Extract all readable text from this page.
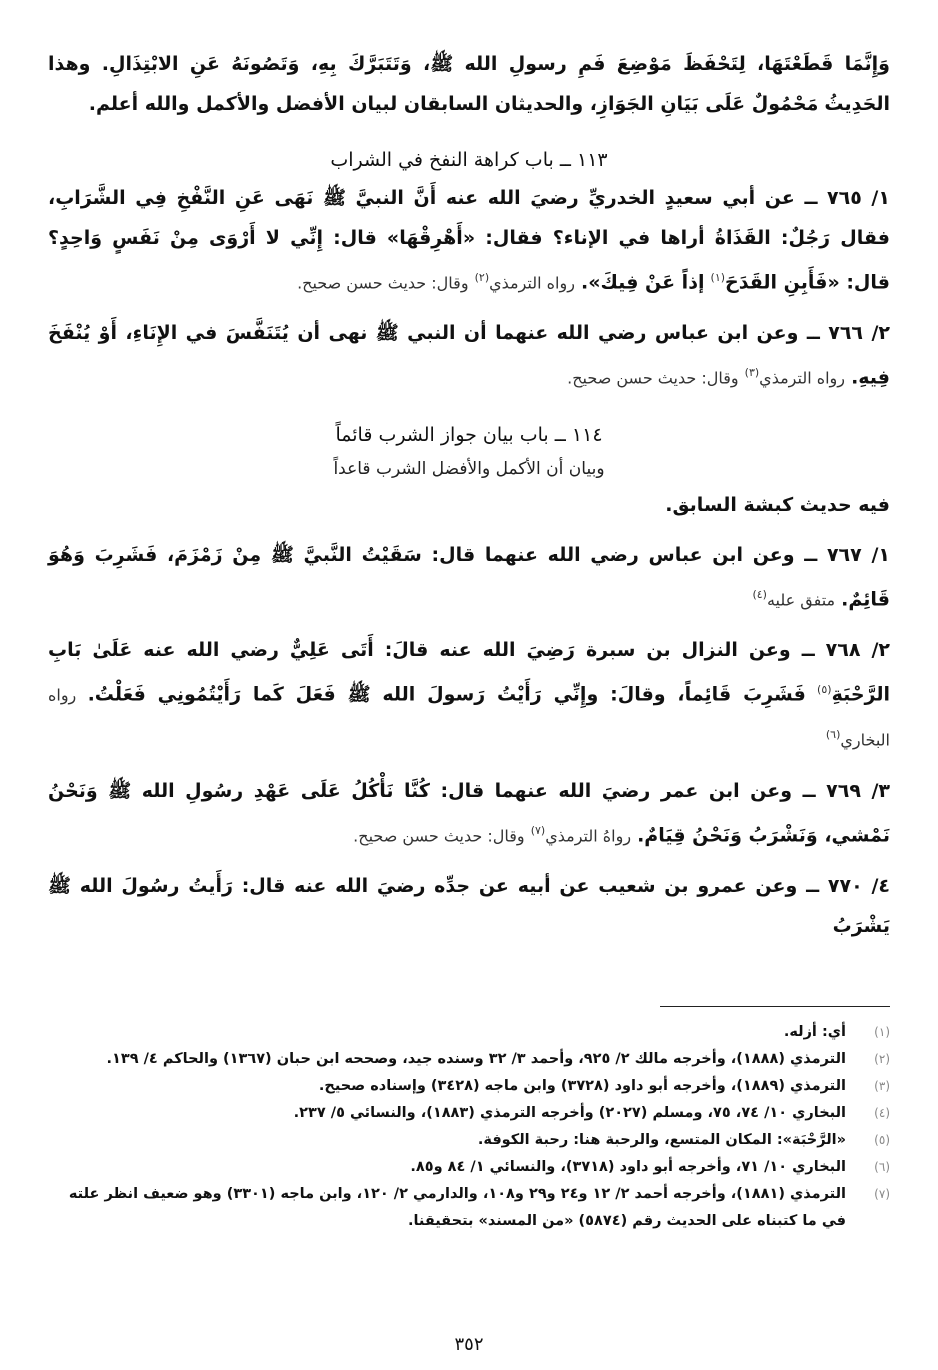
وَإِنَّمَا قَطَعْتَهَا، لِتَحْفَظَ مَوْضِعَ فَمِ رسولِ الله ﷺ، وَتَتَبَرَّكَ بِهِ، وَتَصُونَهُ عَنِ الابْتِذَالِ. وهذا الحَدِيثُ مَحْمُولٌ عَلَى بَيَانِ الجَوَازِ، والحديثان السابقان لبيان الأفضل والأكمل والله أعلم.

١١٣ ــ باب كراهة النفخ في الشراب

١/ ٧٦٥ ــ عن أبي سعيدٍ الخدريِّ رضيَ الله عنه أَنَّ النبيَّ ﷺ نَهَى عَنِ النَّفْخِ فِي الشَّرَابِ، فقال رَجُلٌ: القَذَاةُ أراها في الإناء؟ فقال: «أَهْرِقْهَا» قال: إِنِّي لا أَرْوَى مِنْ نَفَسٍ وَاحِدٍ؟ قال: «فَأَبِنِ القَدَحَ$^{(١)}$ إذاً عَنْ فِيكَ». رواه الترمذي$^{(٢)}$ وقال: حديث حسن صحيح.

٢/ ٧٦٦ ــ وعن ابن عباس رضي الله عنهما أن النبي ﷺ نهى أن يُتَنَفَّسَ في الإِنَاءِ، أَوْ يُنْفَخَ فِيهِ. رواه الترمذي$^{(٣)}$ وقال: حديث حسن صحيح.

١١٤ ــ باب بيان جواز الشرب قائماً

وبيان أن الأكمل والأفضل الشرب قاعداً

فيه حديث كبشة السابق.

١/ ٧٦٧ ــ وعن ابن عباس رضي الله عنهما قال: سَقَيْتُ النَّبيَّ ﷺ مِنْ زَمْزَمَ، فَشَرِبَ وَهُوَ قَائِمٌ. متفق عليه$^{(٤)}$

٢/ ٧٦٨ ــ وعن النزال بن سبرة رَضِيَ الله عنه قالَ: أَتَى عَلِيٌّ رضي الله عنه عَلَىٰ بَابِ الرَّحْبَةِ$^{(٥)}$ فَشَرِبَ قَائِماً، وقالَ: وإِنِّي رَأَيْتُ رَسولَ الله ﷺ فَعَلَ كَما رَأَيْتُمُونِي فَعَلْتُ. رواه البخاري$^{(٦)}$

٣/ ٧٦٩ ــ وعن ابن عمر رضيَ الله عنهما قال: كُنَّا نَأْكُلُ عَلَى عَهْدِ رسُولِ الله ﷺ وَنَحْنُ نَمْشي، وَنَشْرَبُ وَنَحْنُ قِيَامٌ. رواهُ الترمذي$^{(٧)}$ وقال: حديث حسن صحيح.

٤/ ٧٧٠ ــ وعن عمرو بن شعيب عن أبيه عن جدِّه رضيَ الله عنه قال: رَأَيتُ رسُولَ الله ﷺ يَشْرَبُ

(١)
أي: أزله.

(٢)
الترمذي (١٨٨٨)، وأخرجه مالك ٢/ ٩٢٥، وأحمد ٣/ ٣٢ وسنده جيد، وصححه ابن حبان (١٣٦٧) والحاكم ٤/ ١٣٩.

(٣)
الترمذي (١٨٨٩)، وأخرجه أبو داود (٣٧٢٨) وابن ماجه (٣٤٢٨) وإسناده صحيح.

(٤)
البخاري ١٠/ ٧٤، ٧٥، ومسلم (٢٠٢٧) وأخرجه الترمذي (١٨٨٣)، والنسائي ٥/ ٢٣٧.

(٥)
«الرَّحْبَة»: المكان المتسع، والرحبة هنا: رحبة الكوفة.

(٦)
البخاري ١٠/ ٧١، وأخرجه أبو داود (٣٧١٨)، والنسائي ١/ ٨٤ و٨٥.

(٧)
الترمذي (١٨٨١)، وأخرجه أحمد ٢/ ١٢ و٢٤ و٢٩ و١٠٨، والدارمي ٢/ ١٢٠، وابن ماجه (٣٣٠١) وهو ضعيف انظر علته في ما كتبناه على الحديث رقم (٥٨٧٤) «من المسند» بتحقيقنا.

٣٥٢
